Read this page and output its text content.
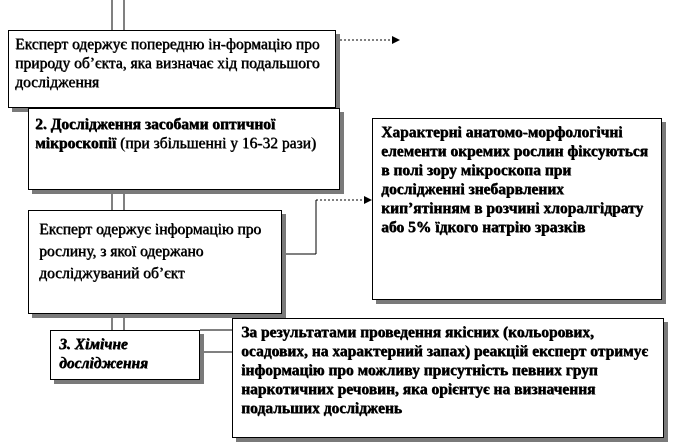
Експерт одержує попередню ін-формацію про природу об’єкта, яка визначає хід подальшого дослідження
2. Дослідження засобами оптичної мікроскопії (при збільшенні у 16-32 рази)
Характерні анатомо-морфологічні елементи окремих рослин фіксуються в полі зору мікроскопа при дослідженні знебарвлених кип’ятінням в розчині хлоралгідрату або 5% їдкого натрію зразків
Експерт одержує інформацію про рослину, з якої одержано досліджуваний об’єкт
3. Хімічне дослідження
За результатами проведення якісних (кольорових, осадових, на характерний запах) реакцій експерт отримує інформацію про можливу присутність певних груп наркотичних речовин, яка орієнтує на визначення подальших досліджень
